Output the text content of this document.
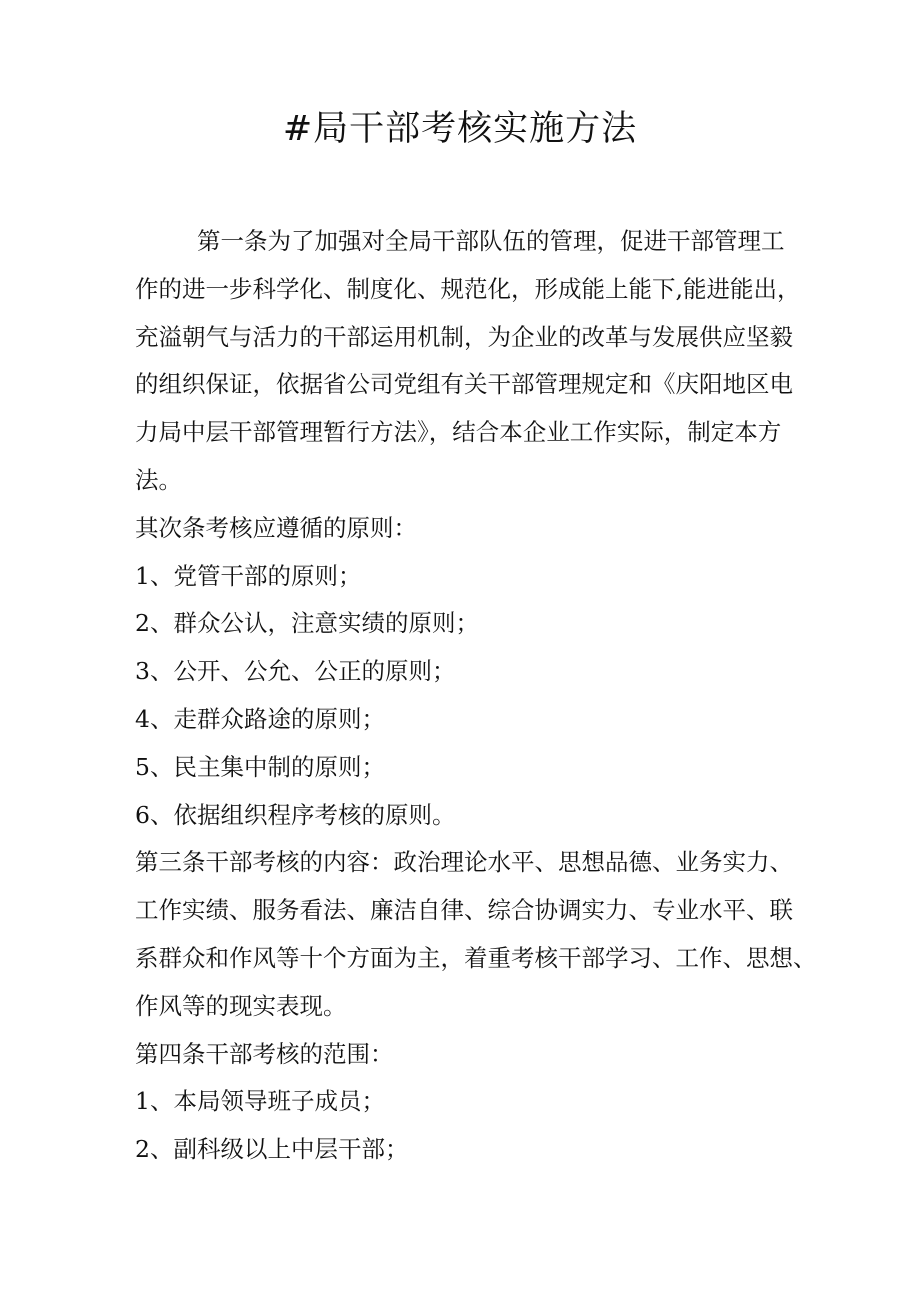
#局干部考核实施方法
第一条为了加强对全局干部队伍的管理，促进干部管理工
作的进一步科学化、制度化、规范化，形成能上能下,能进能出，
充溢朝气与活力的干部运用机制，为企业的改革与发展供应坚毅
的组织保证，依据省公司党组有关干部管理规定和《庆阳地区电
力局中层干部管理暂行方法》，结合本企业工作实际，制定本方
法。
其次条考核应遵循的原则：
1、党管干部的原则；
2、群众公认，注意实绩的原则；
3、公开、公允、公正的原则；
4、走群众路途的原则；
5、民主集中制的原则；
6、依据组织程序考核的原则。
第三条干部考核的内容：政治理论水平、思想品德、业务实力、
工作实绩、服务看法、廉洁自律、综合协调实力、专业水平、联
系群众和作风等十个方面为主，着重考核干部学习、工作、思想、
作风等的现实表现。
第四条干部考核的范围：
1、本局领导班子成员；
2、副科级以上中层干部；
